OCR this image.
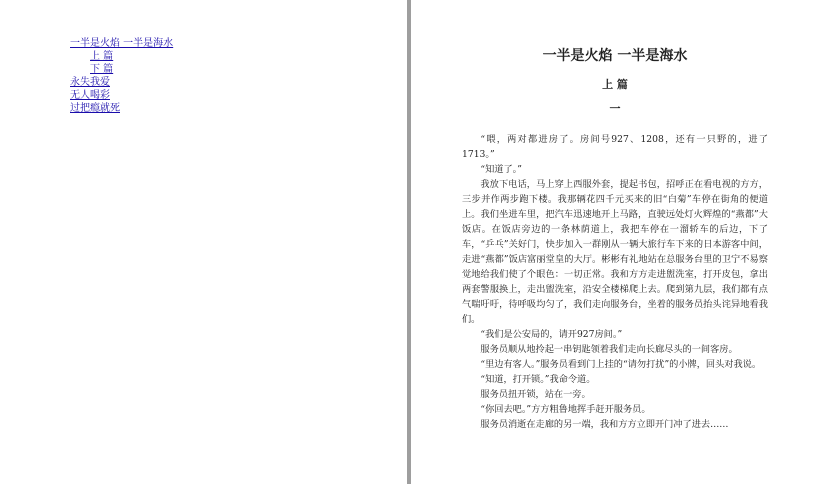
一半是火焰 一半是海水
上 篇
下 篇
永失我爱
无人喝彩
过把瘾就死
一半是火焰 一半是海水
上 篇
一

“喂，两对都进房了。房间号927、1208，还有一只野的，进了1713。”

“知道了。”

我放下电话，马上穿上西服外套，提起书包，招呼正在看电视的方方，三步并作两步跑下楼。我那辆花四千元买来的旧“白菊”车停在街角的便道上。我们坐进车里，把汽车迅速地开上马路，直驶远处灯火辉煌的“燕都”大饭店。在饭店旁边的一条林荫道上，我把车停在一溜轿车的后边，下了车，“乒乓”关好门，快步加入一群刚从一辆大旅行车下来的日本游客中间，走进“燕都”饭店富丽堂皇的大厅。彬彬有礼地站在总服务台里的卫宁不易察觉地给我们使了个眼色：一切正常。我和方方走进盥洗室，打开皮包，拿出两套警服换上，走出盥洗室，沿安全楼梯爬上去。爬到第九层，我们都有点气喘吁吁，待呼吸均匀了，我们走向服务台，坐着的服务员抬头诧异地看我们。

“我们是公安局的，请开927房间。”

服务员顺从地拎起一串钥匙领着我们走向长廊尽头的一间客房。

“里边有客人。”服务员看到门上挂的“请勿打扰”的小牌，回头对我说。

“知道，打开锁。”我命令道。

服务员扭开锁，站在一旁。

“你回去吧。”方方粗鲁地挥手赶开服务员。

服务员消逝在走廊的另一端，我和方方立即开门冲了进去……
